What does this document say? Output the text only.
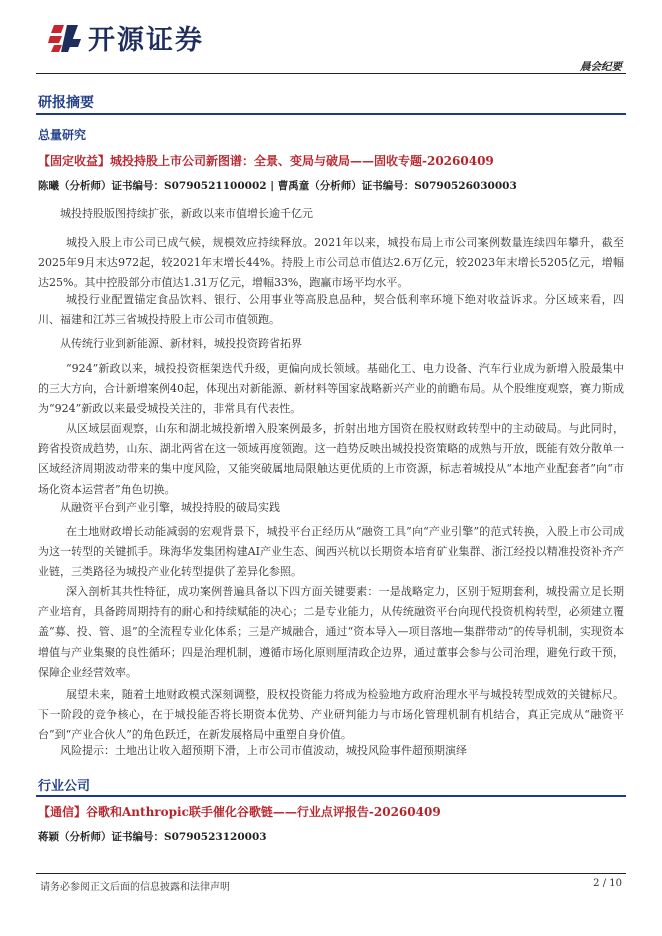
开源证券
晨会纪要
研报摘要
总量研究
【固定收益】城投持股上市公司新图谱：全景、变局与破局——固收专题-20260409
陈曦（分析师）证书编号：S0790521100002 | 曹禹童（分析师）证书编号：S0790526030003
城投持股版图持续扩张，新政以来市值增长逾千亿元
城投入股上市公司已成气候，规模效应持续释放。2021年以来，城投布局上市公司案例数量连续四年攀升，截至2025年9月末达972起，较2021年末增长44%。持股上市公司总市值达2.6万亿元，较2023年末增长5205亿元，增幅达25%。其中控股部分市值达1.31万亿元，增幅33%，跑赢市场平均水平。
城投行业配置锚定食品饮料、银行、公用事业等高股息品种，契合低利率环境下绝对收益诉求。分区域来看，四川、福建和江苏三省城投持股上市公司市值领跑。
从传统行业到新能源、新材料，城投投资跨省拓界
“924”新政以来，城投投资框架迭代升级，更偏向成长领域。基础化工、电力设备、汽车行业成为新增入股最集中的三大方向，合计新增案例40起，体现出对新能源、新材料等国家战略新兴产业的前瞻布局。从个股维度观察，赛力斯成为“924”新政以来最受城投关注的，非常具有代表性。
从区域层面观察，山东和湖北城投新增入股案例最多，折射出地方国资在股权财政转型中的主动破局。与此同时，跨省投资成趋势，山东、湖北两省在这一领域再度领跑。这一趋势反映出城投投资策略的成熟与开放，既能有效分散单一区域经济周期波动带来的集中度风险，又能突破属地局限触达更优质的上市资源，标志着城投从“本地产业配套者”向“市场化资本运营者”角色切换。
从融资平台到产业引擎，城投持股的破局实践
在土地财政增长动能减弱的宏观背景下，城投平台正经历从“融资工具”向“产业引擎”的范式转换，入股上市公司成为这一转型的关键抓手。珠海华发集团构建AI产业生态、闽西兴杭以长期资本培育矿业集群、浙江经投以精准投资补齐产业链，三类路径为城投产业化转型提供了差异化参照。
深入剖析其共性特征，成功案例普遍具备以下四方面关键要素：一是战略定力，区别于短期套利，城投需立足长期产业培育，具备跨周期持有的耐心和持续赋能的决心；二是专业能力，从传统融资平台向现代投资机构转型，必须建立覆盖“募、投、管、退”的全流程专业化体系；三是产城融合，通过“资本导入—项目落地—集群带动”的传导机制，实现资本增值与产业集聚的良性循环；四是治理机制，遵循市场化原则厘清政企边界，通过董事会参与公司治理，避免行政干预，保障企业经营效率。
展望未来，随着土地财政模式深刻调整，股权投资能力将成为检验地方政府治理水平与城投转型成效的关键标尺。下一阶段的竞争核心，在于城投能否将长期资本优势、产业研判能力与市场化管理机制有机结合，真正完成从“融资平台”到“产业合伙人”的角色跃迁，在新发展格局中重塑自身价值。
风险提示：土地出让收入超预期下滑，上市公司市值波动，城投风险事件超预期演绎
行业公司
【通信】谷歌和Anthropic联手催化谷歌链——行业点评报告-20260409
蒋颖（分析师）证书编号：S0790523120003
请务必参阅正文后面的信息披露和法律声明	2 / 10
